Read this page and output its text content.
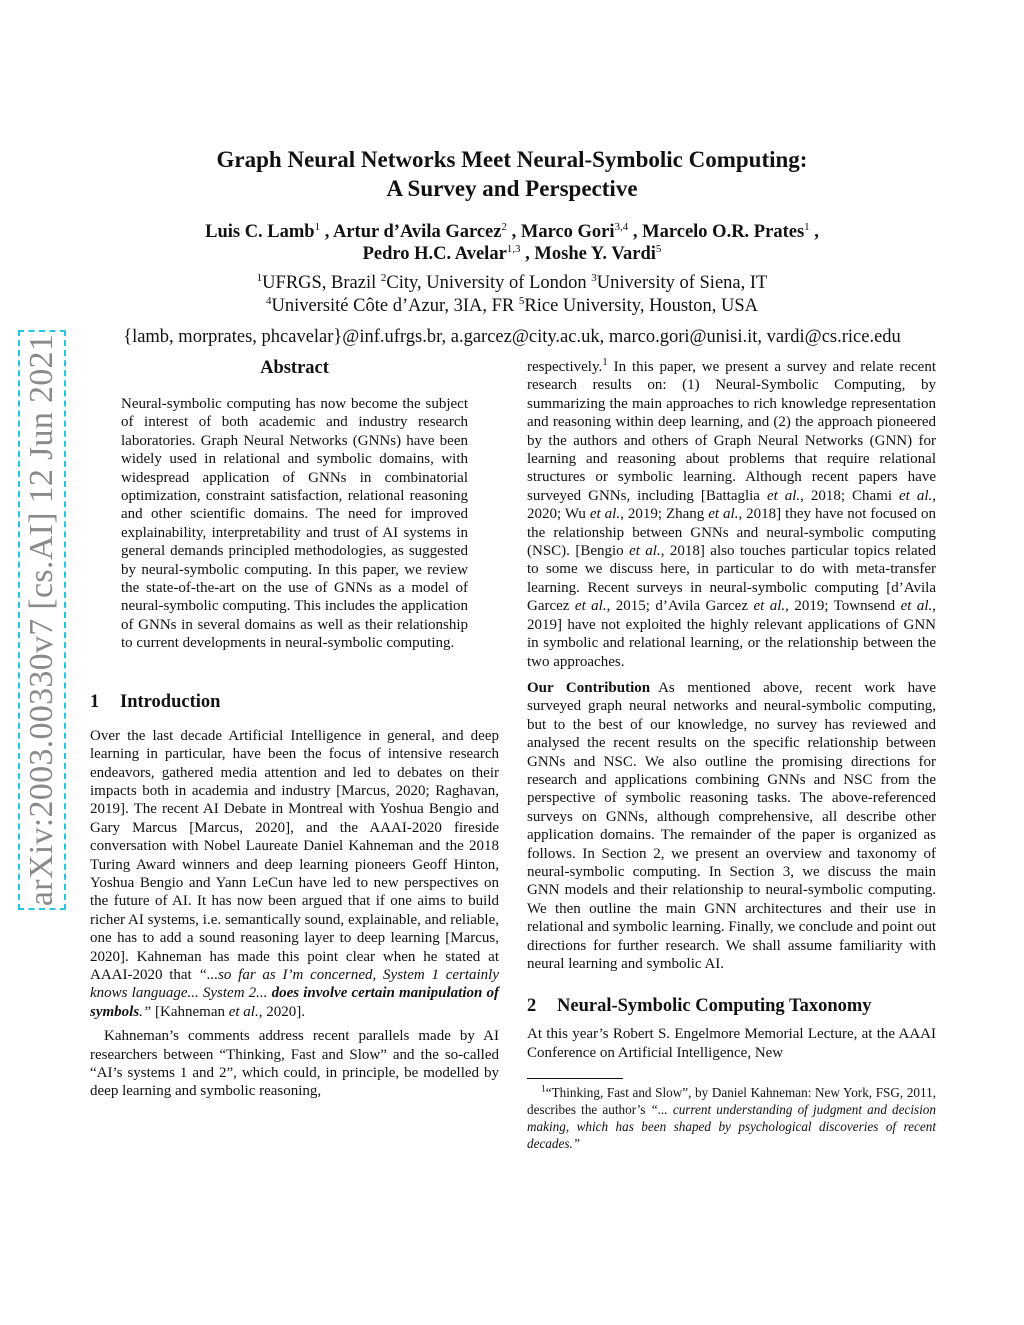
arXiv:2003.00330v7 [cs.AI] 12 Jun 2021
Graph Neural Networks Meet Neural-Symbolic Computing:
A Survey and Perspective
Luis C. Lamb$^1$ , Artur d’Avila Garcez$^2$ , Marco Gori$^{3,4}$ , Marcelo O.R. Prates$^1$ ,
Pedro H.C. Avelar$^{1,3}$ , Moshe Y. Vardi$^5$
$^1$UFRGS, Brazil $^2$City, University of London $^3$University of Siena, IT
$^4$Université Côte d’Azur, 3IA, FR $^5$Rice University, Houston, USA
{lamb, morprates, phcavelar}@inf.ufrgs.br, a.garcez@city.ac.uk, marco.gori@unisi.it, vardi@cs.rice.edu
Abstract

Neural-symbolic computing has now become the subject of interest of both academic and industry research laboratories. Graph Neural Networks (GNNs) have been widely used in relational and symbolic domains, with widespread application of GNNs in combinatorial optimization, constraint satisfaction, relational reasoning and other scientific domains. The need for improved explainability, interpretability and trust of AI systems in general demands principled methodologies, as suggested by neural-symbolic computing. In this paper, we review the state-of-the-art on the use of GNNs as a model of neural-symbolic computing. This includes the application of GNNs in several domains as well as their relationship to current developments in neural-symbolic computing.

1 Introduction

Over the last decade Artificial Intelligence in general, and deep learning in particular, have been the focus of intensive research endeavors, gathered media attention and led to debates on their impacts both in academia and industry [Marcus, 2020; Raghavan, 2019]. The recent AI Debate in Montreal with Yoshua Bengio and Gary Marcus [Marcus, 2020], and the AAAI-2020 fireside conversation with Nobel Laureate Daniel Kahneman and the 2018 Turing Award winners and deep learning pioneers Geoff Hinton, Yoshua Bengio and Yann LeCun have led to new perspectives on the future of AI. It has now been argued that if one aims to build richer AI systems, i.e. semantically sound, explainable, and reliable, one has to add a sound reasoning layer to deep learning [Marcus, 2020]. Kahneman has made this point clear when he stated at AAAI-2020 that “...so far as I’m concerned, System 1 certainly knows language... System 2... does involve certain manipulation of symbols.” [Kahneman et al., 2020].

Kahneman’s comments address recent parallels made by AI researchers between “Thinking, Fast and Slow” and the so-called “AI’s systems 1 and 2”, which could, in principle, be modelled by deep learning and symbolic reasoning,

respectively.$^1$ In this paper, we present a survey and relate recent research results on: (1) Neural-Symbolic Computing, by summarizing the main approaches to rich knowledge representation and reasoning within deep learning, and (2) the approach pioneered by the authors and others of Graph Neural Networks (GNN) for learning and reasoning about problems that require relational structures or symbolic learning. Although recent papers have surveyed GNNs, including [Battaglia et al., 2018; Chami et al., 2020; Wu et al., 2019; Zhang et al., 2018] they have not focused on the relationship between GNNs and neural-symbolic computing (NSC). [Bengio et al., 2018] also touches particular topics related to some we discuss here, in particular to do with meta-transfer learning. Recent surveys in neural-symbolic computing [d’Avila Garcez et al., 2015; d’Avila Garcez et al., 2019; Townsend et al., 2019] have not exploited the highly relevant applications of GNN in symbolic and relational learning, or the relationship between the two approaches.

Our Contribution As mentioned above, recent work have surveyed graph neural networks and neural-symbolic computing, but to the best of our knowledge, no survey has reviewed and analysed the recent results on the specific relationship between GNNs and NSC. We also outline the promising directions for research and applications combining GNNs and NSC from the perspective of symbolic reasoning tasks. The above-referenced surveys on GNNs, although comprehensive, all describe other application domains. The remainder of the paper is organized as follows. In Section 2, we present an overview and taxonomy of neural-symbolic computing. In Section 3, we discuss the main GNN models and their relationship to neural-symbolic computing. We then outline the main GNN architectures and their use in relational and symbolic learning. Finally, we conclude and point out directions for further research. We shall assume familiarity with neural learning and symbolic AI.

2 Neural-Symbolic Computing Taxonomy

At this year’s Robert S. Engelmore Memorial Lecture, at the AAAI Conference on Artificial Intelligence, New

$^1$“Thinking, Fast and Slow”, by Daniel Kahneman: New York, FSG, 2011, describes the author’s “... current understanding of judgment and decision making, which has been shaped by psychological discoveries of recent decades.”
